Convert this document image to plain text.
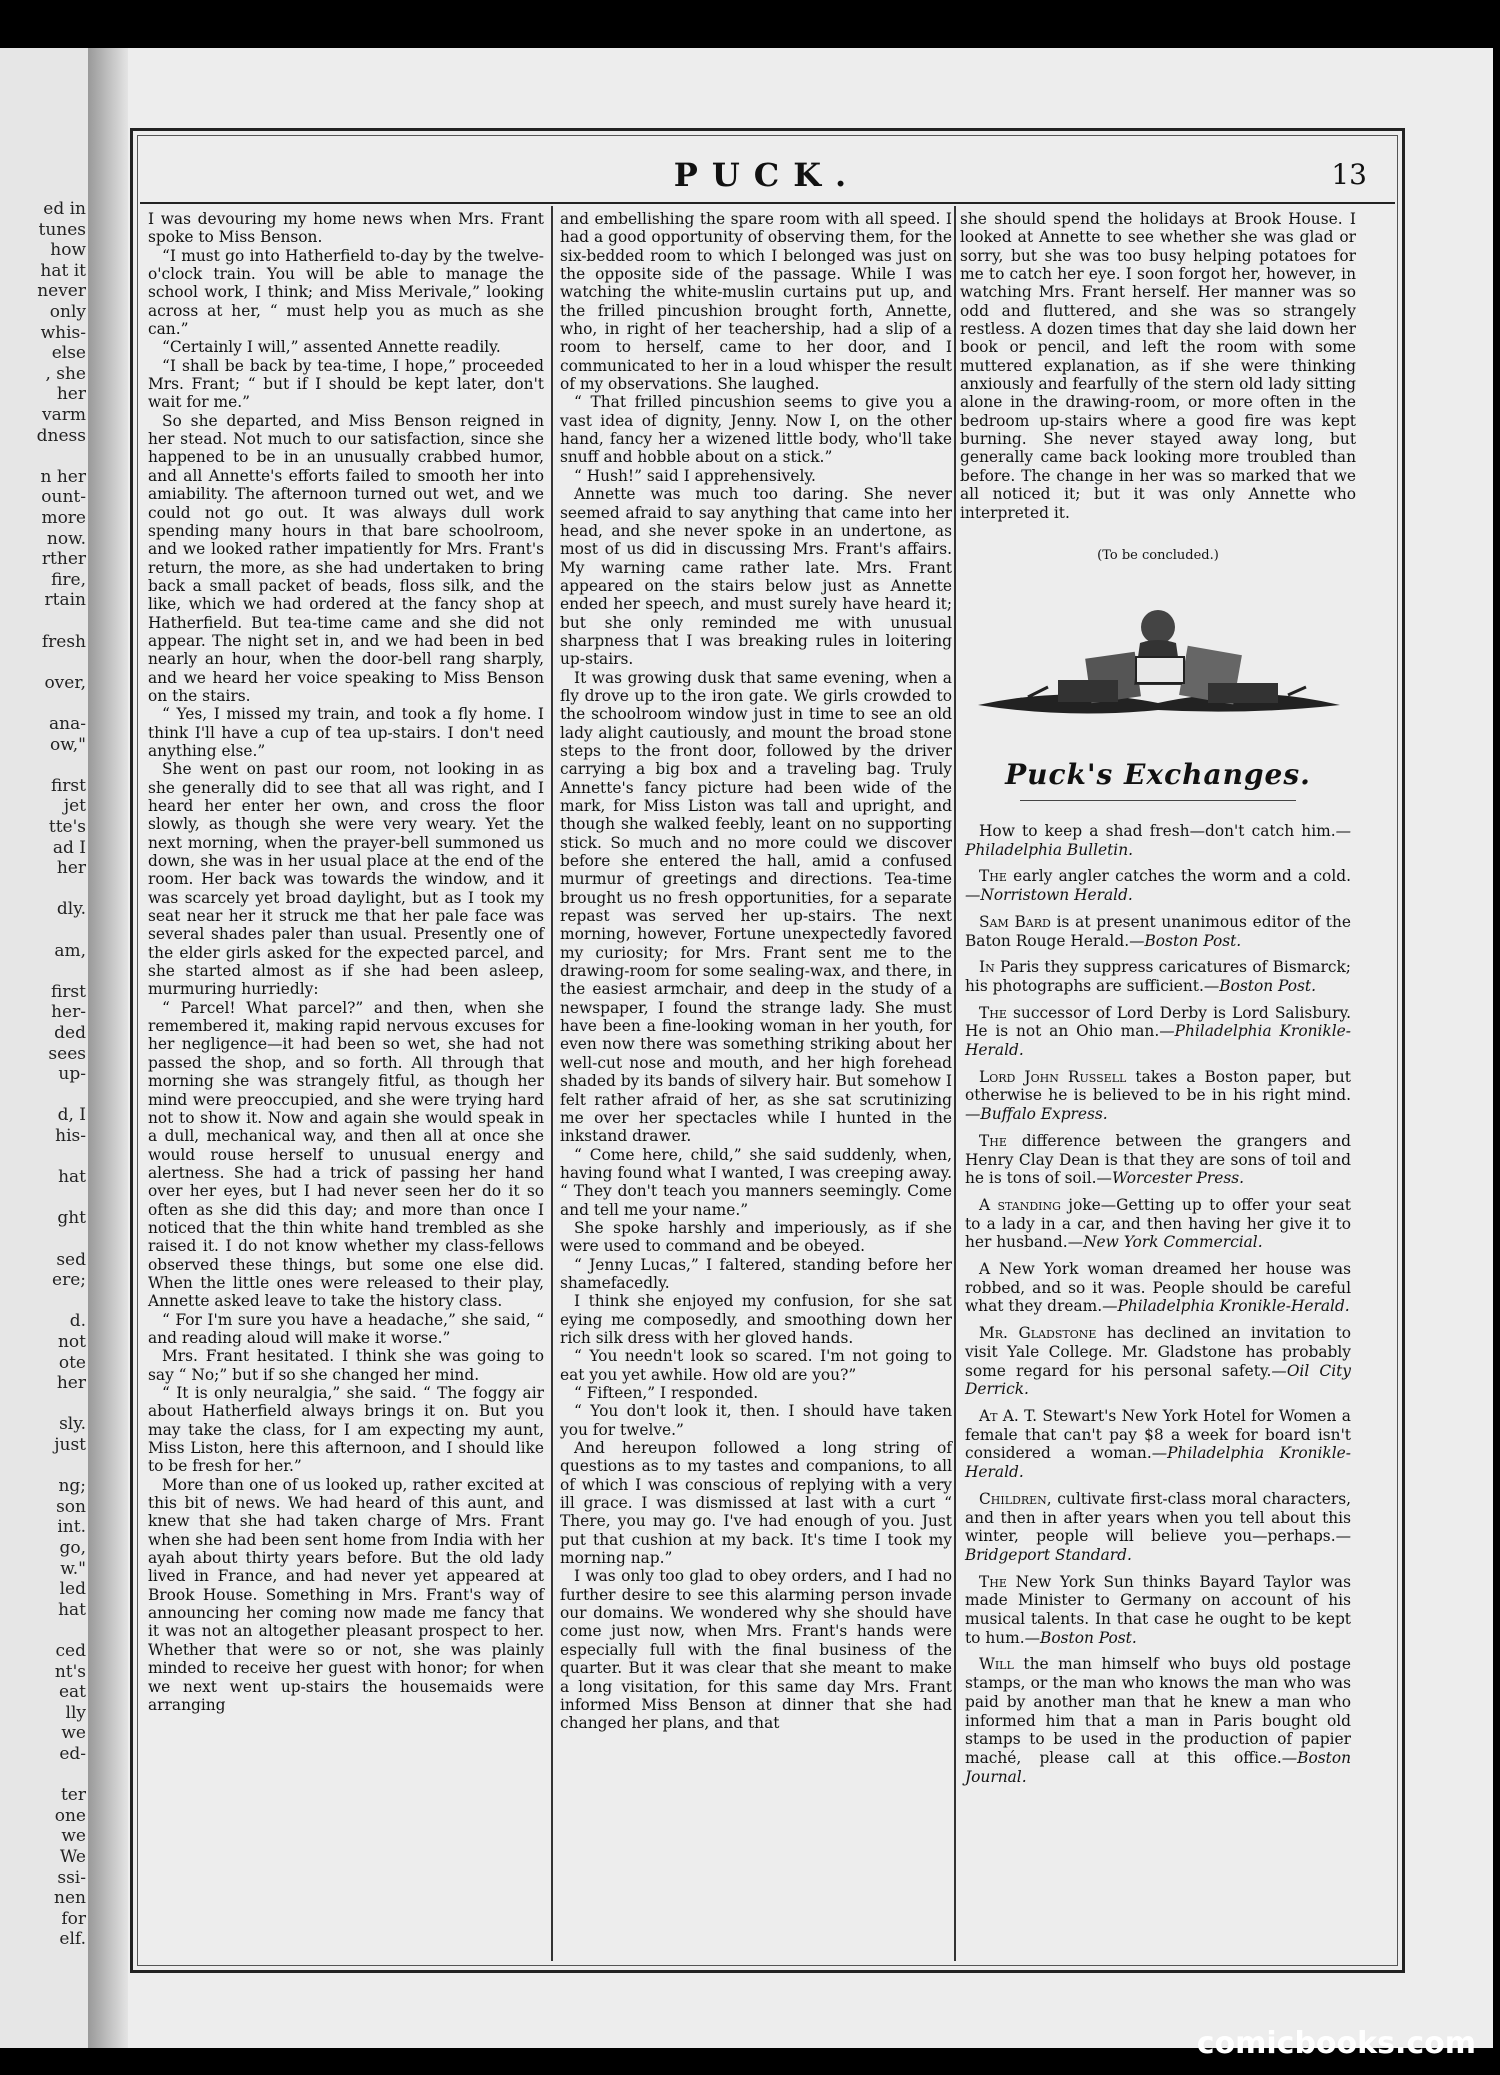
ed in
tunes
how
hat it
never
only
whis-
else
, she
her
varm
dness
n her
ount-
more
now.
rther
fire,
rtain
fresh
over,
ana-
ow,"
first
jet
tte's
ad I
her
dly.
am,
first
her-
ded
sees
up-
d, I
his-
hat
ght
sed
ere;
d.
not
ote
her
sly.
just
ng;
son
int.
go,
w."
led
hat
ced
nt's
eat
lly
we
ed-
ter
one
we
We
ssi-
nen
for
elf.
PUCK.	13

I was devouring my home news when Mrs. Frant spoke to Miss Benson.

“I must go into Hatherfield to-day by the twelve-o'clock train. You will be able to manage the school work, I think; and Miss Merivale,” looking across at her, “ must help you as much as she can.”

“Certainly I will,” assented Annette readily.

“I shall be back by tea-time, I hope,” proceeded Mrs. Frant; “ but if I should be kept later, don't wait for me.”

So she departed, and Miss Benson reigned in her stead. Not much to our satisfaction, since she happened to be in an unusually crabbed humor, and all Annette's efforts failed to smooth her into amiability. The afternoon turned out wet, and we could not go out. It was always dull work spending many hours in that bare schoolroom, and we looked rather impatiently for Mrs. Frant's return, the more, as she had undertaken to bring back a small packet of beads, floss silk, and the like, which we had ordered at the fancy shop at Hatherfield. But tea-time came and she did not appear. The night set in, and we had been in bed nearly an hour, when the door-bell rang sharply, and we heard her voice speaking to Miss Benson on the stairs.

“ Yes, I missed my train, and took a fly home. I think I'll have a cup of tea up-stairs. I don't need anything else.”

She went on past our room, not looking in as she generally did to see that all was right, and I heard her enter her own, and cross the floor slowly, as though she were very weary. Yet the next morning, when the prayer-bell summoned us down, she was in her usual place at the end of the room. Her back was towards the window, and it was scarcely yet broad daylight, but as I took my seat near her it struck me that her pale face was several shades paler than usual. Presently one of the elder girls asked for the expected parcel, and she started almost as if she had been asleep, murmuring hurriedly:

“ Parcel! What parcel?” and then, when she remembered it, making rapid nervous excuses for her negligence—it had been so wet, she had not passed the shop, and so forth. All through that morning she was strangely fitful, as though her mind were preoccupied, and she were trying hard not to show it. Now and again she would speak in a dull, mechanical way, and then all at once she would rouse herself to unusual energy and alertness. She had a trick of passing her hand over her eyes, but I had never seen her do it so often as she did this day; and more than once I noticed that the thin white hand trembled as she raised it. I do not know whether my class-fellows observed these things, but some one else did. When the little ones were released to their play, Annette asked leave to take the history class.

“ For I'm sure you have a headache,” she said, “ and reading aloud will make it worse.”

Mrs. Frant hesitated. I think she was going to say “ No;” but if so she changed her mind.

“ It is only neuralgia,” she said. “ The foggy air about Hatherfield always brings it on. But you may take the class, for I am expecting my aunt, Miss Liston, here this afternoon, and I should like to be fresh for her.”

More than one of us looked up, rather excited at this bit of news. We had heard of this aunt, and knew that she had taken charge of Mrs. Frant when she had been sent home from India with her ayah about thirty years before. But the old lady lived in France, and had never yet appeared at Brook House. Something in Mrs. Frant's way of announcing her coming now made me fancy that it was not an altogether pleasant prospect to her. Whether that were so or not, she was plainly minded to receive her guest with honor; for when we next went up-stairs the housemaids were arranging

and embellishing the spare room with all speed. I had a good opportunity of observing them, for the six-bedded room to which I belonged was just on the opposite side of the passage. While I was watching the white-muslin curtains put up, and the frilled pincushion brought forth, Annette, who, in right of her teachership, had a slip of a room to herself, came to her door, and I communicated to her in a loud whisper the result of my observations. She laughed.

“ That frilled pincushion seems to give you a vast idea of dignity, Jenny. Now I, on the other hand, fancy her a wizened little body, who'll take snuff and hobble about on a stick.”

“ Hush!” said I apprehensively.

Annette was much too daring. She never seemed afraid to say anything that came into her head, and she never spoke in an undertone, as most of us did in discussing Mrs. Frant's affairs. My warning came rather late. Mrs. Frant appeared on the stairs below just as Annette ended her speech, and must surely have heard it; but she only reminded me with unusual sharpness that I was breaking rules in loitering up-stairs.

It was growing dusk that same evening, when a fly drove up to the iron gate. We girls crowded to the schoolroom window just in time to see an old lady alight cautiously, and mount the broad stone steps to the front door, followed by the driver carrying a big box and a traveling bag. Truly Annette's fancy picture had been wide of the mark, for Miss Liston was tall and upright, and though she walked feebly, leant on no supporting stick. So much and no more could we discover before she entered the hall, amid a confused murmur of greetings and directions. Tea-time brought us no fresh opportunities, for a separate repast was served her up-stairs. The next morning, however, Fortune unexpectedly favored my curiosity; for Mrs. Frant sent me to the drawing-room for some sealing-wax, and there, in the easiest armchair, and deep in the study of a newspaper, I found the strange lady. She must have been a fine-looking woman in her youth, for even now there was something striking about her well-cut nose and mouth, and her high forehead shaded by its bands of silvery hair. But somehow I felt rather afraid of her, as she sat scrutinizing me over her spectacles while I hunted in the inkstand drawer.

“ Come here, child,” she said suddenly, when, having found what I wanted, I was creeping away. “ They don't teach you manners seemingly. Come and tell me your name.”

She spoke harshly and imperiously, as if she were used to command and be obeyed.

“ Jenny Lucas,” I faltered, standing before her shamefacedly.

I think she enjoyed my confusion, for she sat eying me composedly, and smoothing down her rich silk dress with her gloved hands.

“ You needn't look so scared. I'm not going to eat you yet awhile. How old are you?”

“ Fifteen,” I responded.

“ You don't look it, then. I should have taken you for twelve.”

And hereupon followed a long string of questions as to my tastes and companions, to all of which I was conscious of replying with a very ill grace. I was dismissed at last with a curt “ There, you may go. I've had enough of you. Just put that cushion at my back. It's time I took my morning nap.”

I was only too glad to obey orders, and I had no further desire to see this alarming person invade our domains. We wondered why she should have come just now, when Mrs. Frant's hands were especially full with the final business of the quarter. But it was clear that she meant to make a long visitation, for this same day Mrs. Frant informed Miss Benson at dinner that she had changed her plans, and that

she should spend the holidays at Brook House. I looked at Annette to see whether she was glad or sorry, but she was too busy helping potatoes for me to catch her eye. I soon forgot her, however, in watching Mrs. Frant herself. Her manner was so odd and fluttered, and she was so strangely restless. A dozen times that day she laid down her book or pencil, and left the room with some muttered explanation, as if she were thinking anxiously and fearfully of the stern old lady sitting alone in the drawing-room, or more often in the bedroom up-stairs where a good fire was kept burning. She never stayed away long, but generally came back looking more troubled than before. The change in her was so marked that we all noticed it; but it was only Annette who interpreted it.

(To be concluded.)
Puck's Exchanges.

How to keep a shad fresh—don't catch him.—Philadelphia Bulletin.

The early angler catches the worm and a cold.—Norristown Herald.

Sam Bard is at present unanimous editor of the Baton Rouge Herald.—Boston Post.

In Paris they suppress caricatures of Bismarck; his photographs are sufficient.—Boston Post.

The successor of Lord Derby is Lord Salisbury. He is not an Ohio man.—Philadelphia Kronikle-Herald.

Lord John Russell takes a Boston paper, but otherwise he is believed to be in his right mind.—Buffalo Express.

The difference between the grangers and Henry Clay Dean is that they are sons of toil and he is tons of soil.—Worcester Press.

A standing joke—Getting up to offer your seat to a lady in a car, and then having her give it to her husband.—New York Commercial.

A New York woman dreamed her house was robbed, and so it was. People should be careful what they dream.—Philadelphia Kronikle-Herald.

Mr. Gladstone has declined an invitation to visit Yale College. Mr. Gladstone has probably some regard for his personal safety.—Oil City Derrick.

At A. T. Stewart's New York Hotel for Women a female that can't pay $8 a week for board isn't considered a woman.—Philadelphia Kronikle-Herald.

Children, cultivate first-class moral characters, and then in after years when you tell about this winter, people will believe you—perhaps.—Bridgeport Standard.

The New York Sun thinks Bayard Taylor was made Minister to Germany on account of his musical talents. In that case he ought to be kept to hum.—Boston Post.

Will the man himself who buys old postage stamps, or the man who knows the man who was paid by another man that he knew a man who informed him that a man in Paris bought old stamps to be used in the production of papier maché, please call at this office.—Boston Journal.

comicbooks.com
